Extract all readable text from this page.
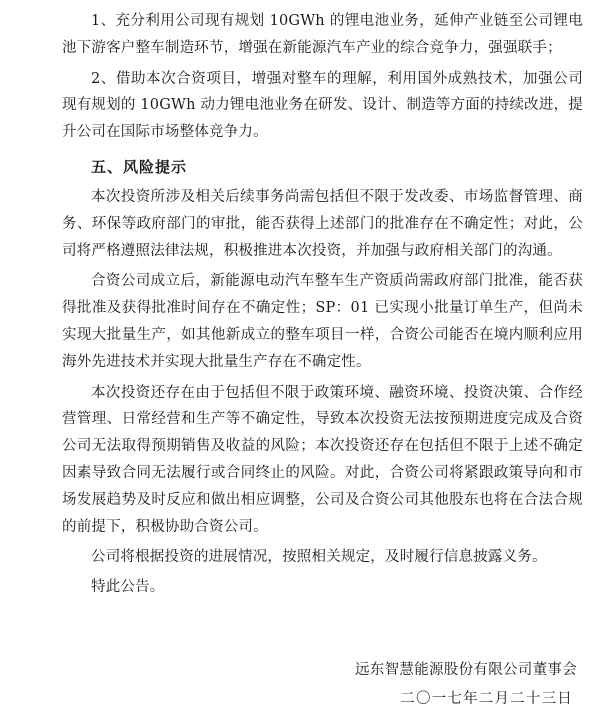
1、充分利用公司现有规划 10GWh 的锂电池业务，延伸产业链至公司锂电池下游客户整车制造环节，增强在新能源汽车产业的综合竞争力，强强联手；

2、借助本次合资项目，增强对整车的理解，利用国外成熟技术，加强公司现有规划的 10GWh 动力锂电池业务在研发、设计、制造等方面的持续改进，提升公司在国际市场整体竞争力。

五、风险提示

本次投资所涉及相关后续事务尚需包括但不限于发改委、市场监督管理、商务、环保等政府部门的审批，能否获得上述部门的批准存在不确定性；对此，公司将严格遵照法律法规，积极推进本次投资，并加强与政府相关部门的沟通。

合资公司成立后，新能源电动汽车整车生产资质尚需政府部门批准，能否获得批准及获得批准时间存在不确定性；SP：01 已实现小批量订单生产，但尚未实现大批量生产，如其他新成立的整车项目一样，合资公司能否在境内顺利应用海外先进技术并实现大批量生产存在不确定性。

本次投资还存在由于包括但不限于政策环境、融资环境、投资决策、合作经营管理、日常经营和生产等不确定性，导致本次投资无法按预期进度完成及合资公司无法取得预期销售及收益的风险；本次投资还存在包括但不限于上述不确定因素导致合同无法履行或合同终止的风险。对此，合资公司将紧跟政策导向和市场发展趋势及时反应和做出相应调整，公司及合资公司其他股东也将在合法合规的前提下，积极协助合资公司。

公司将根据投资的进展情况，按照相关规定，及时履行信息披露义务。

特此公告。

远东智慧能源股份有限公司董事会
二〇一七年二月二十三日
